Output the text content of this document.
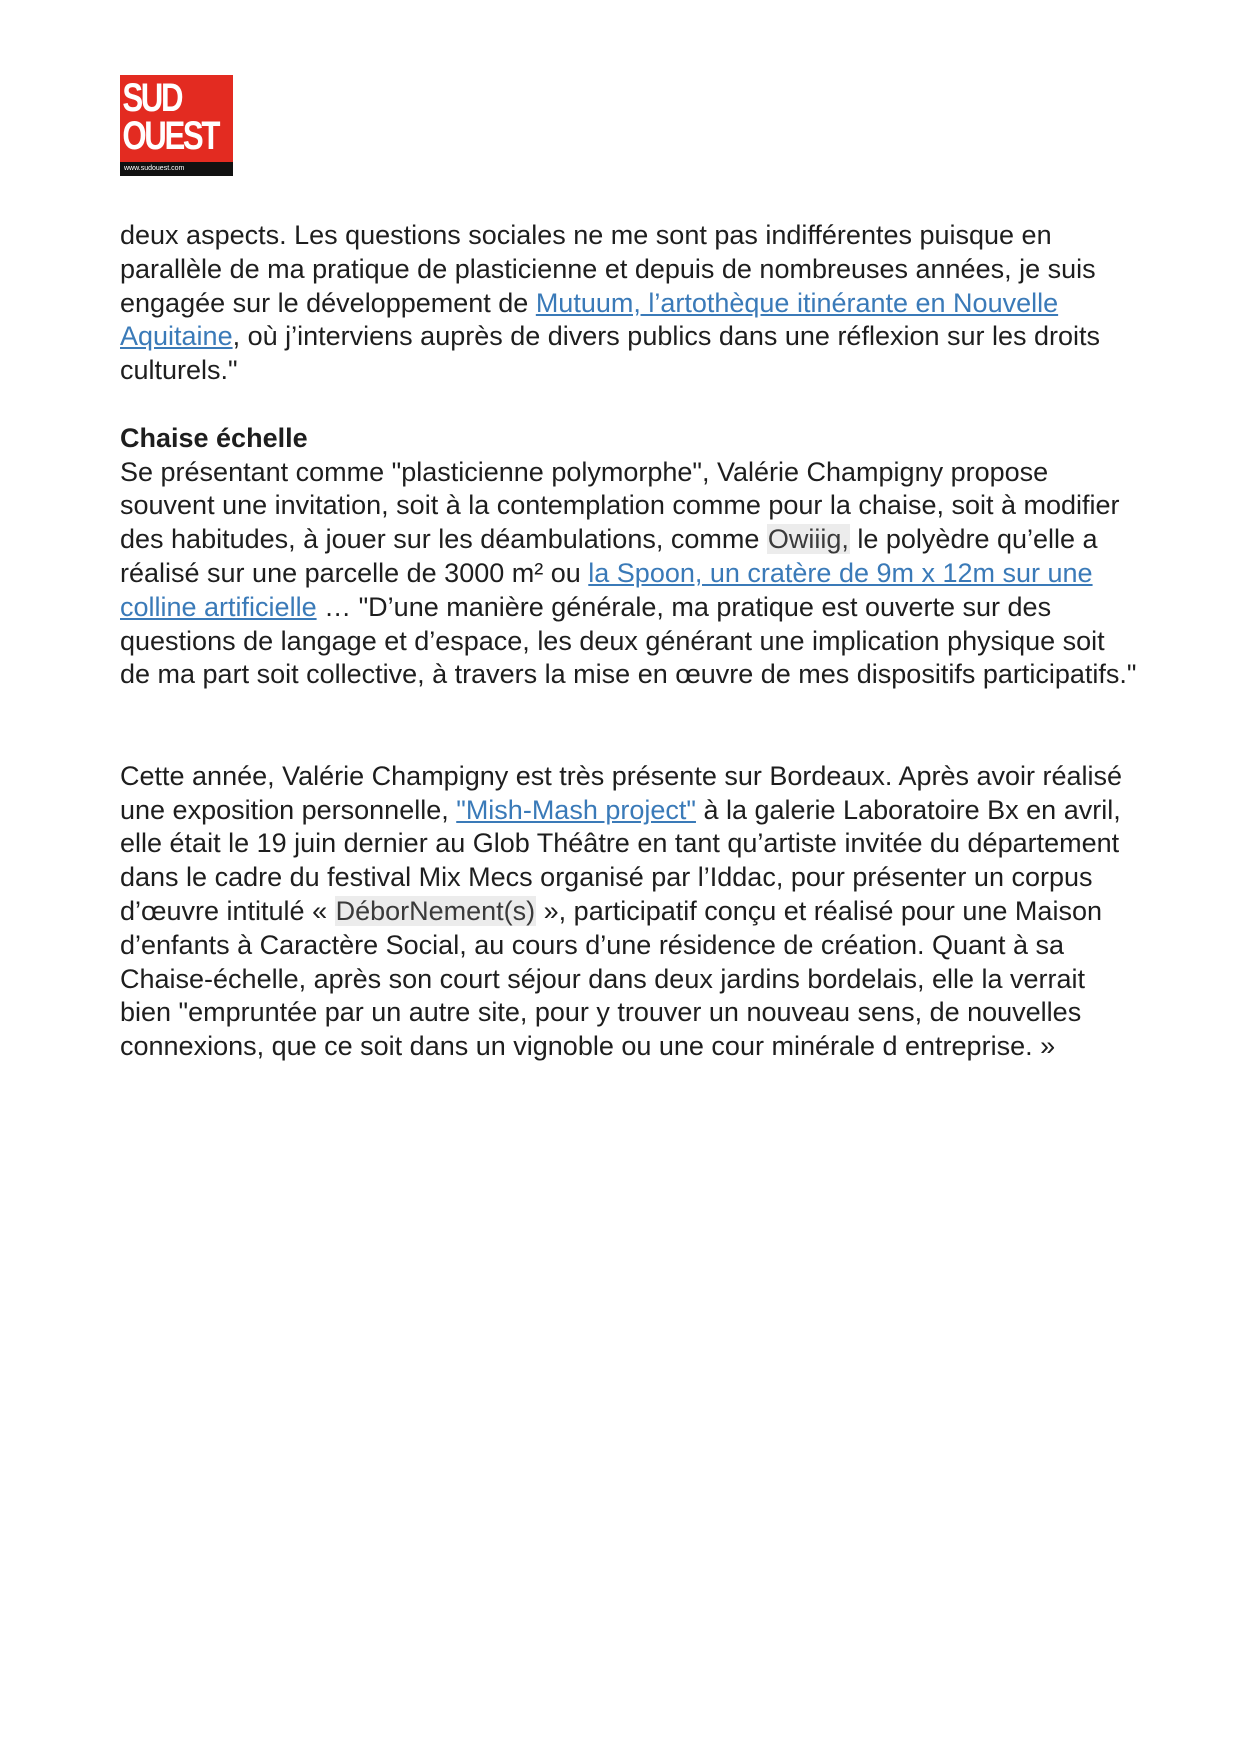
SUD
OUEST
www.sudouest.com

deux aspects. Les questions sociales ne me sont pas indifférentes puisque en parallèle de ma pratique de plasticienne et depuis de nombreuses années, je suis engagée sur le développement de Mutuum, l’artothèque itinérante en Nouvelle Aquitaine, où j’interviens auprès de divers publics dans une réflexion sur les droits culturels."

Chaise échelle

Se présentant comme "plasticienne polymorphe", Valérie Champigny propose souvent une invitation, soit à la contemplation comme pour la chaise, soit à modifier des habitudes, à jouer sur les déambulations, comme Owiiig, le polyèdre qu’elle a réalisé sur une parcelle de 3000 m² ou la Spoon, un cratère de 9m x 12m sur une colline artificielle … "D’une manière générale, ma pratique est ouverte sur des questions de langage et d’espace, les deux générant une implication physique soit de ma part soit collective, à travers la mise en œuvre de mes dispositifs participatifs."

Cette année, Valérie Champigny est très présente sur Bordeaux. Après avoir réalisé une exposition personnelle, "Mish-Mash project" à la galerie Laboratoire Bx en avril, elle était le 19 juin dernier au Glob Théâtre en tant qu’artiste invitée du département dans le cadre du festival Mix Mecs organisé par l’Iddac, pour présenter un corpus d’œuvre intitulé « DéborNement(s) », participatif conçu et réalisé pour une Maison d’enfants à Caractère Social, au cours d’une résidence de création. Quant à sa Chaise-échelle, après son court séjour dans deux jardins bordelais, elle la verrait bien "empruntée par un autre site, pour y trouver un nouveau sens, de nouvelles connexions, que ce soit dans un vignoble ou une cour minérale d entreprise. »
